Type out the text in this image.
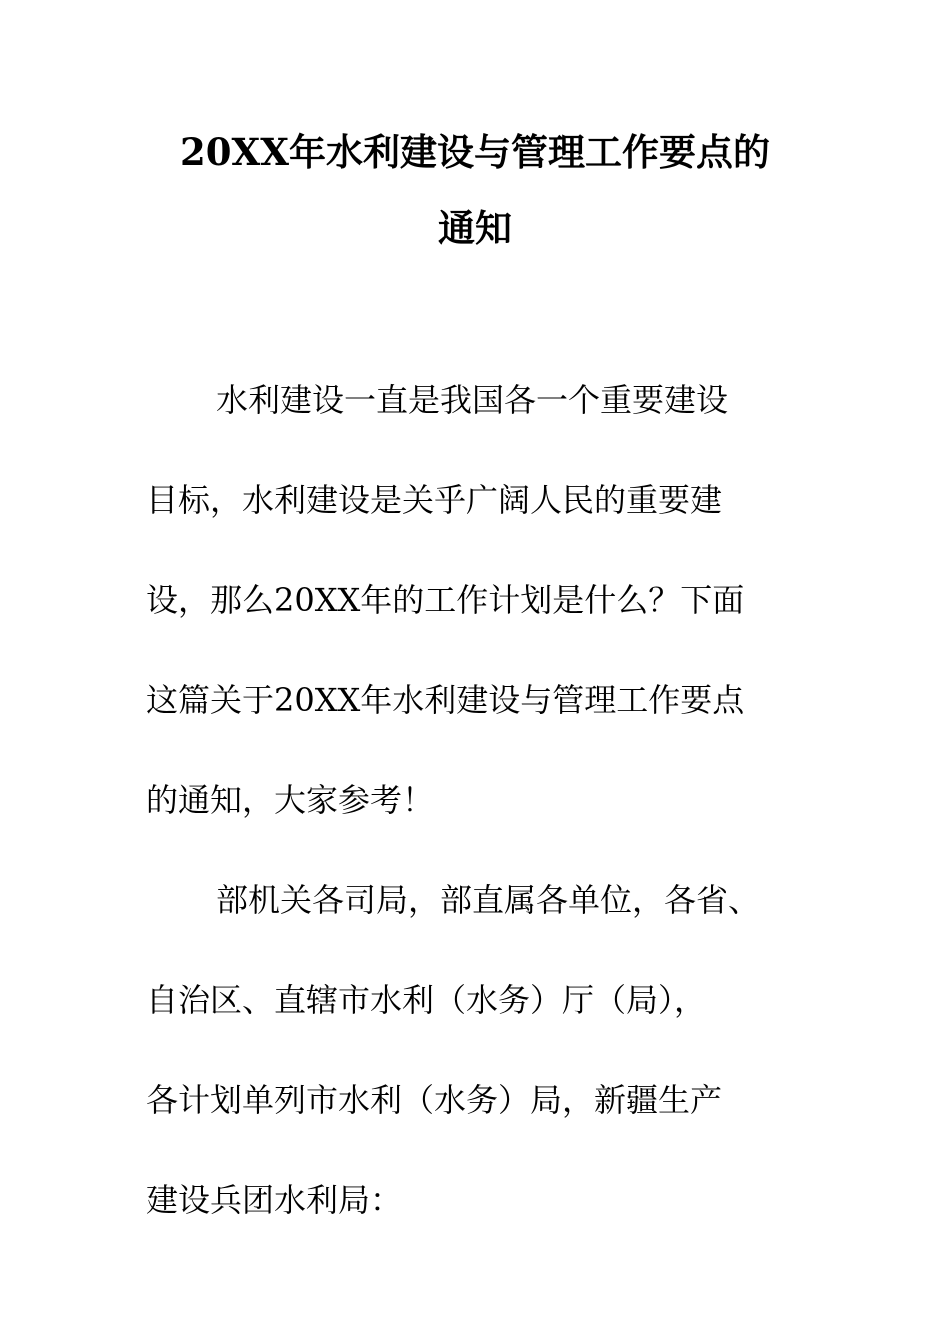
20XX年水利建设与管理工作要点的
通知
水利建设一直是我国各一个重要建设
目标，水利建设是关乎广阔人民的重要建
设，那么20XX年的工作计划是什么？下面
这篇关于20XX年水利建设与管理工作要点
的通知，大家参考！
部机关各司局，部直属各单位，各省、
自治区、直辖市水利（水务）厅（局），
各计划单列市水利（水务）局，新疆生产
建设兵团水利局：
